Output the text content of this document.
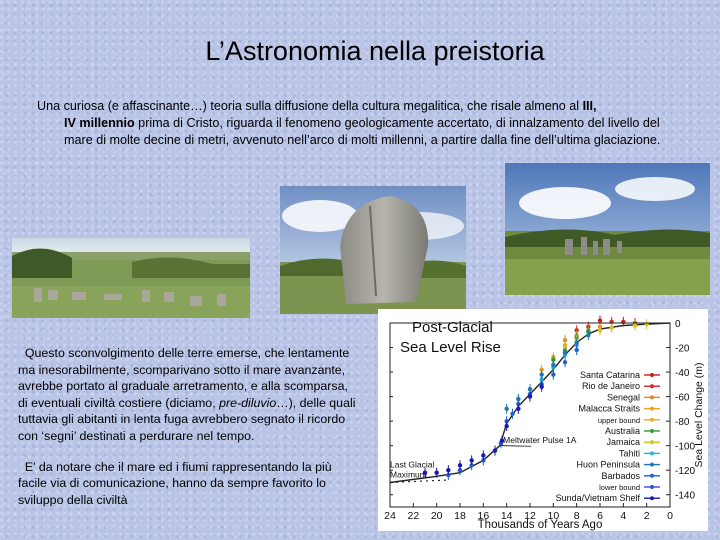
L’Astronomia nella preistoria
Una curiosa (e affascinante…) teoria sulla diffusione della cultura megalitica, che risale almeno al III,
IV millennio prima di Cristo, riguarda il fenomeno geologicamente accertato, di innalzamento del livello del mare di molte decine di metri, avvenuto nell’arco di molti millenni, a partire dalla fine dell’ultima glaciazione.

Questo sconvolgimento delle terre emerse, che lentamente ma inesorabilmente, scomparivano sotto il mare avanzante, avrebbe portato al graduale arretramento, e alla scomparsa, di eventuali civiltà costiere (diciamo, pre-diluvio…), delle quali tuttavia gli abitanti in lenta fuga avrebbero segnato il ricordo con ‘segni’ destinati a perdurare nel tempo.

E’ da notare che il mare ed i fiumi rappresentando la più facile via di comunicazione, hanno da sempre favorito lo sviluppo della civiltà

24 22 20 18 16 14 12 10 8 6 4 2 0
0
-20
-40
-60
-80
-100
-120
-140
Thousands of Years Ago
Sea Level Change (m)
Meltwater Pulse 1A
Last Glacial
Maximum
Santa Catarina
Rio de Janeiro
Senegal
Malacca Straits
upper bound
Australia
Jamaica
Tahiti
Huon Peninsula
Barbados
lower bound
Sunda/Vietnam Shelf
Post-Glacial
Sea Level Rise
